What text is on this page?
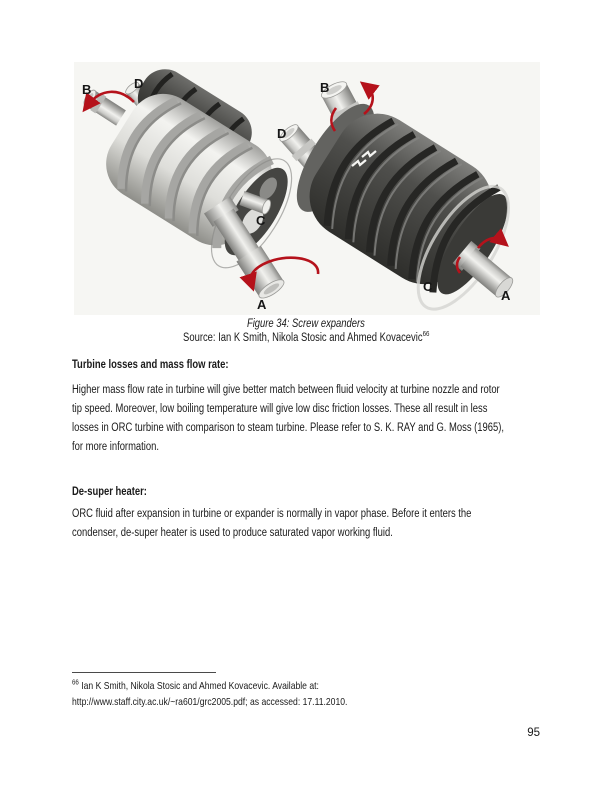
B	D
C
A
B
D
C
A
Figure 34: Screw expanders
Source: Ian K Smith, Nikola Stosic and Ahmed Kovacevic$^{66}$
Turbine losses and mass flow rate:
Higher mass flow rate in turbine will give better match between fluid velocity at turbine nozzle and rotor
tip speed. Moreover, low boiling temperature will give low disc friction losses. These all result in less
losses in ORC turbine with comparison to steam turbine. Please refer to S. K. RAY and G. Moss (1965),
for more information.
De-super heater:
ORC fluid after expansion in turbine or expander is normally in vapor phase. Before it enters the
condenser, de-super heater is used to produce saturated vapor working fluid.
$^{66}$ Ian K Smith, Nikola Stosic and Ahmed Kovacevic. Available at:
http://www.staff.city.ac.uk/~ra601/grc2005.pdf; as accessed: 17.11.2010.
95
